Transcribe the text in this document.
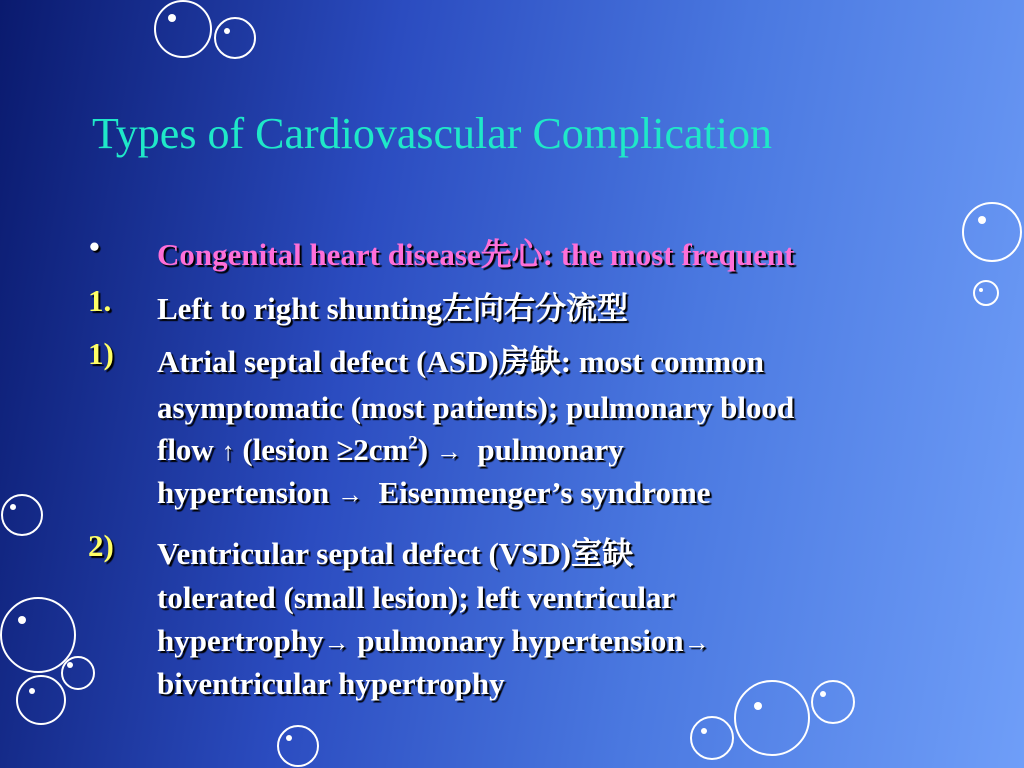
Types of Cardiovascular Complication
• Congenital heart disease先心: the most frequent
1. Left to right shunting左向右分流型
1) Atrial septal defect (ASD)房缺: most common
asymptomatic (most patients); pulmonary blood
flow ↑ (lesion $\ge 2cm^2$) → pulmonary
hypertension → Eisenmenger’s syndrome
2) Ventricular septal defect (VSD)室缺
tolerated (small lesion); left ventricular
hypertrophy→ pulmonary hypertension→
biventricular hypertrophy
